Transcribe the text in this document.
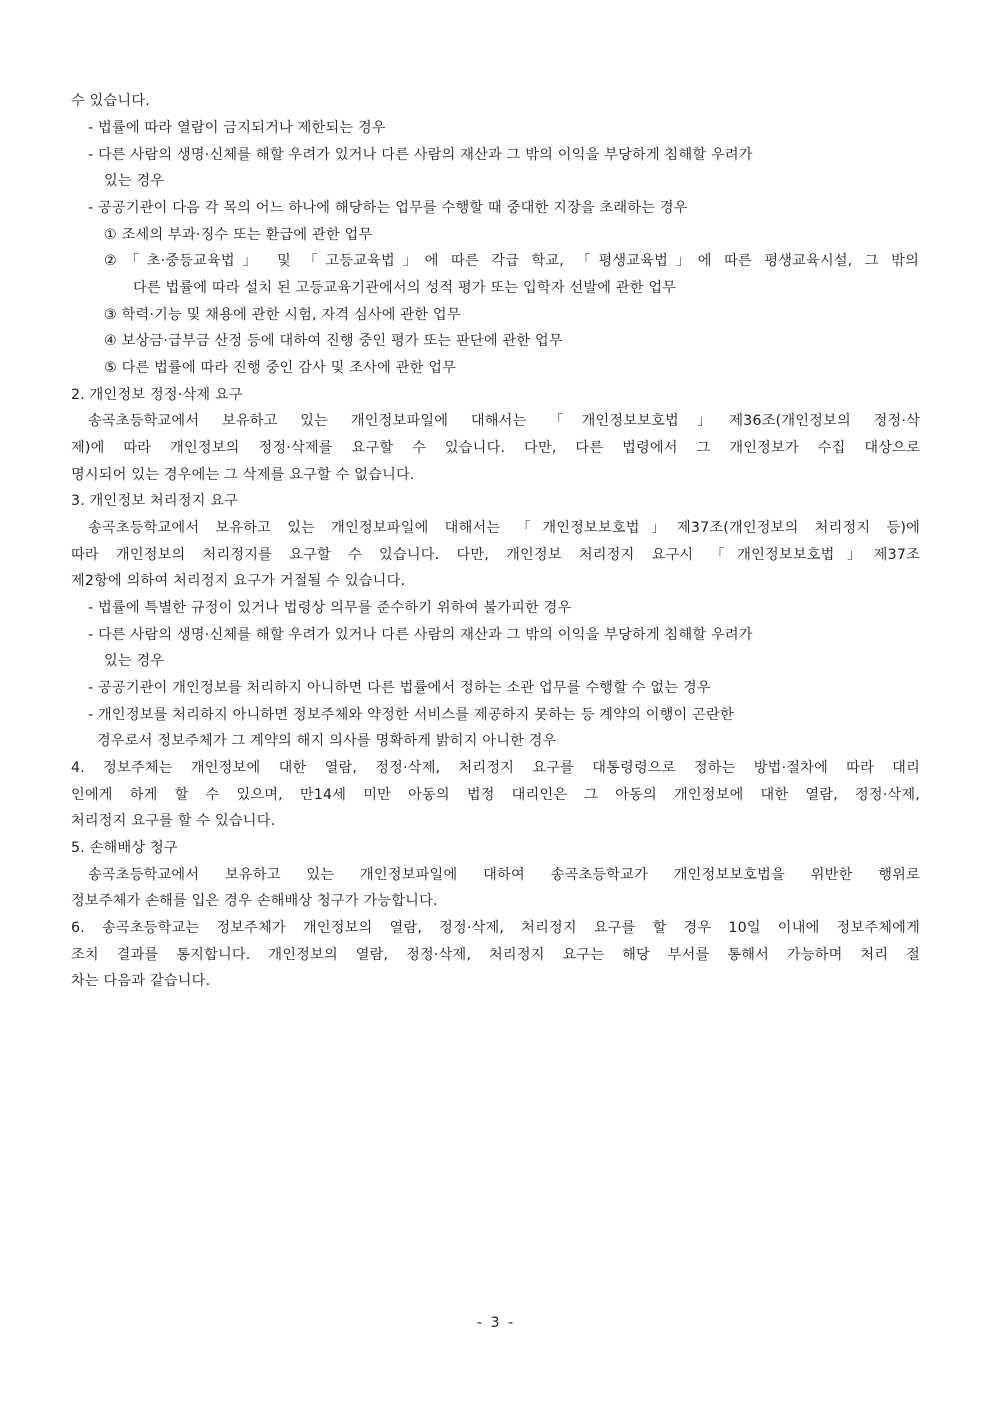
수 있습니다.
- 법률에 따라 열람이 금지되거나 제한되는 경우
- 다른 사람의 생명·신체를 해할 우려가 있거나 다른 사람의 재산과 그 밖의 이익을 부당하게 침해할 우려가
있는 경우
- 공공기관이 다음 각 목의 어느 하나에 해당하는 업무를 수행할 때 중대한 지장을 초래하는 경우
① 조세의 부과·징수 또는 환급에 관한 업무
②「초·중등교육법」 및 「고등교육법」에 따른 각급 학교, 「평생교육법」에 따른 평생교육시설, 그 밖의
다른 법률에 따라 설치 된 고등교육기관에서의 성적 평가 또는 입학자 선발에 관한 업무
③ 학력·기능 및 채용에 관한 시험, 자격 심사에 관한 업무
④ 보상금·급부금 산정 등에 대하여 진행 중인 평가 또는 판단에 관한 업무
⑤ 다른 법률에 따라 진행 중인 감사 및 조사에 관한 업무
2. 개인정보 정정·삭제 요구
송곡초등학교에서 보유하고 있는 개인정보파일에 대해서는 「개인정보보호법」제36조(개인정보의 정정·삭
제)에 따라 개인정보의 정정·삭제를 요구할 수 있습니다. 다만, 다른 법령에서 그 개인정보가 수집 대상으로
명시되어 있는 경우에는 그 삭제를 요구할 수 없습니다.
3. 개인정보 처리정지 요구
송곡초등학교에서 보유하고 있는 개인정보파일에 대해서는 「개인정보보호법」제37조(개인정보의 처리정지 등)에
따라 개인정보의 처리정지를 요구할 수 있습니다. 다만, 개인정보 처리정지 요구시 「개인정보보호법」제37조
제2항에 의하여 처리정지 요구가 거절될 수 있습니다.
- 법률에 특별한 규정이 있거나 법령상 의무를 준수하기 위하여 불가피한 경우
- 다른 사람의 생명·신체를 해할 우려가 있거나 다른 사람의 재산과 그 밖의 이익을 부당하게 침해할 우려가
있는 경우
- 공공기관이 개인정보를 처리하지 아니하면 다른 법률에서 정하는 소관 업무를 수행할 수 없는 경우
- 개인정보를 처리하지 아니하면 정보주체와 약정한 서비스를 제공하지 못하는 등 계약의 이행이 곤란한
경우로서 정보주체가 그 계약의 해지 의사를 명확하게 밝히지 아니한 경우
4. 정보주체는 개인정보에 대한 열람, 정정·삭제, 처리정지 요구를 대통령령으로 정하는 방법·절차에 따라 대리
인에게 하게 할 수 있으며, 만14세 미만 아동의 법정 대리인은 그 아동의 개인정보에 대한 열람, 정정·삭제,
처리정지 요구를 할 수 있습니다.
5. 손해배상 청구
송곡초등학교에서 보유하고 있는 개인정보파일에 대하여 송곡초등학교가 개인정보보호법을 위반한 행위로
정보주체가 손해를 입은 경우 손해배상 청구가 가능합니다.
6. 송곡초등학교는 정보주체가 개인정보의 열람, 정정·삭제, 처리정지 요구를 할 경우 10일 이내에 정보주체에게
조치 결과를 통지합니다. 개인정보의 열람, 정정·삭제, 처리정지 요구는 해당 부서를 통해서 가능하며 처리 절
차는 다음과 같습니다.
- 3 -
